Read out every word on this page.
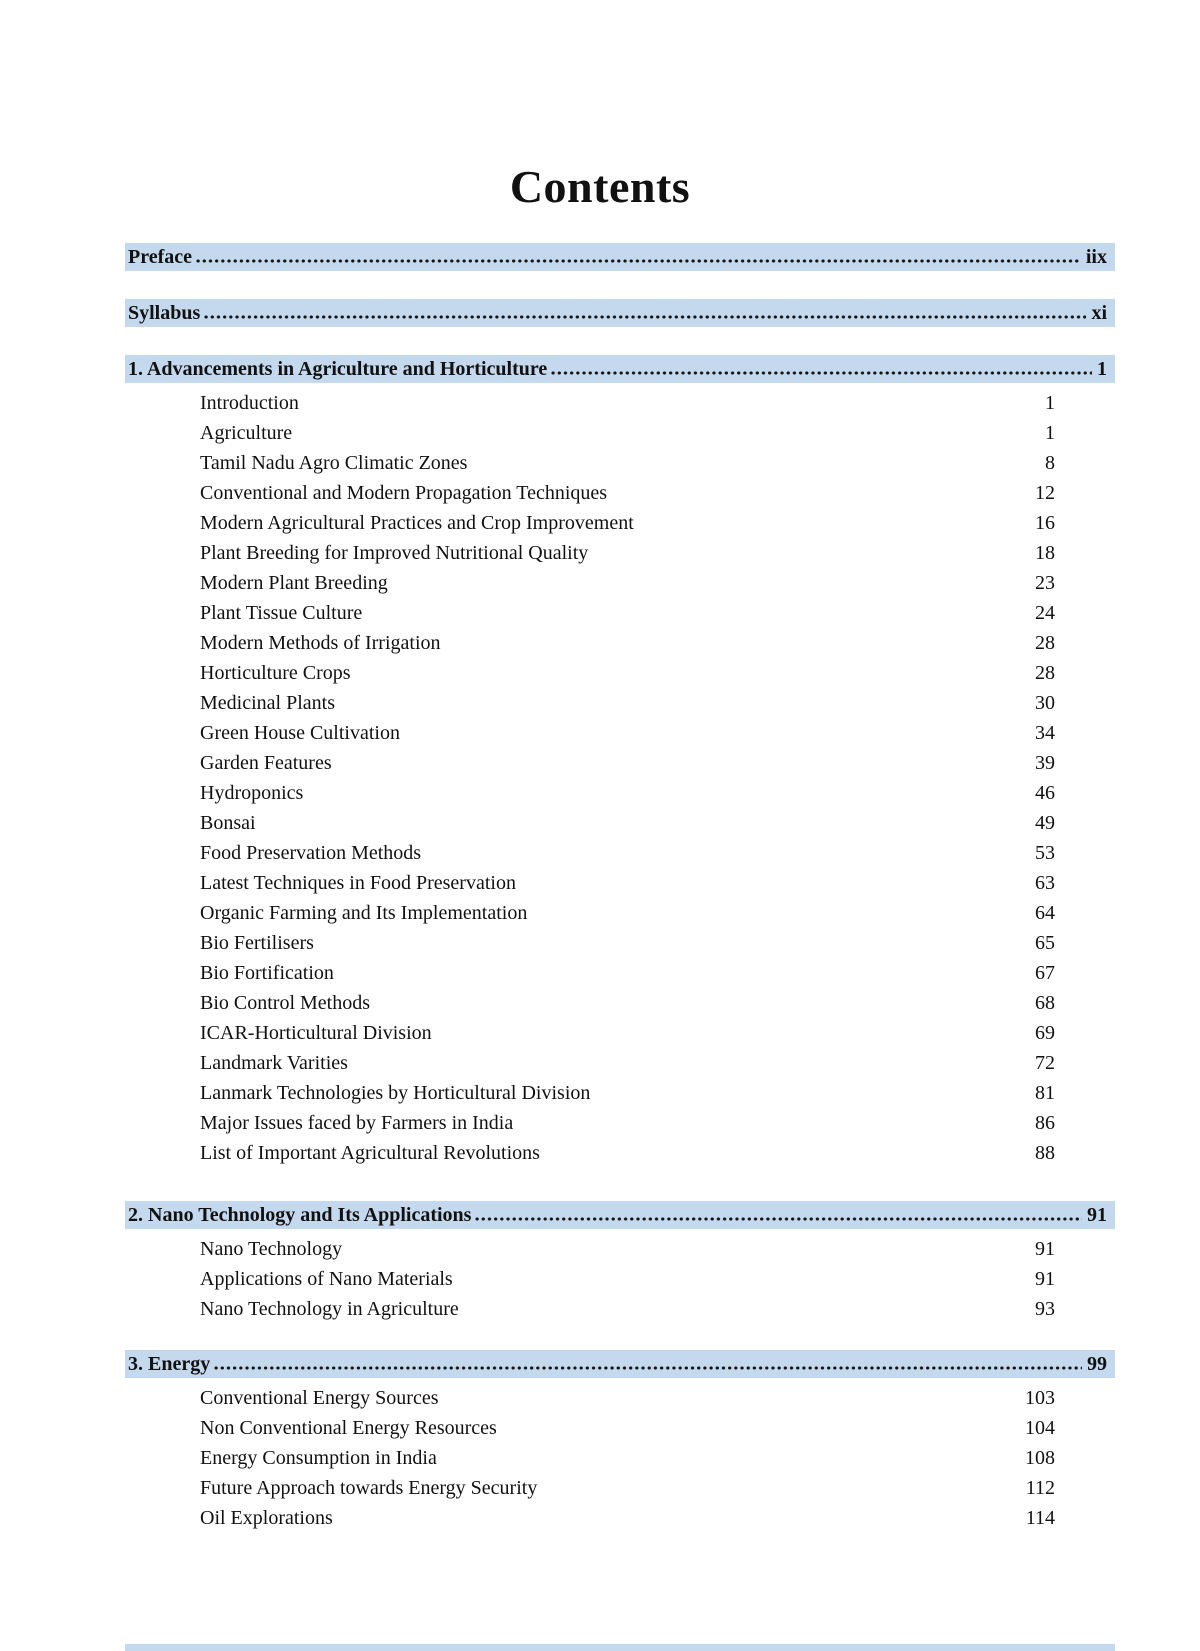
Contents
Preface	iix
Syllabus	xi
1. Advancements in Agriculture and Horticulture	1
Introduction	1
Agriculture	1
Tamil Nadu Agro Climatic Zones	8
Conventional and Modern Propagation Techniques	12
Modern Agricultural Practices and Crop Improvement	16
Plant Breeding for Improved Nutritional Quality	18
Modern Plant Breeding	23
Plant Tissue Culture	24
Modern Methods of Irrigation	28
Horticulture Crops	28
Medicinal Plants	30
Green House Cultivation	34
Garden Features	39
Hydroponics	46
Bonsai	49
Food Preservation Methods	53
Latest Techniques in Food Preservation	63
Organic Farming and Its Implementation	64
Bio Fertilisers	65
Bio Fortification	67
Bio Control Methods	68
ICAR-Horticultural Division	69
Landmark Varities	72
Lanmark Technologies by Horticultural Division	81
Major Issues faced by Farmers in India	86
List of Important Agricultural Revolutions	88
2. Nano Technology and Its Applications	91
Nano Technology	91
Applications of Nano Materials	91
Nano Technology in Agriculture	93
3. Energy	99
Conventional Energy Sources	103
Non Conventional Energy Resources	104
Energy Consumption in India	108
Future Approach towards Energy Security	112
Oil Explorations	114
